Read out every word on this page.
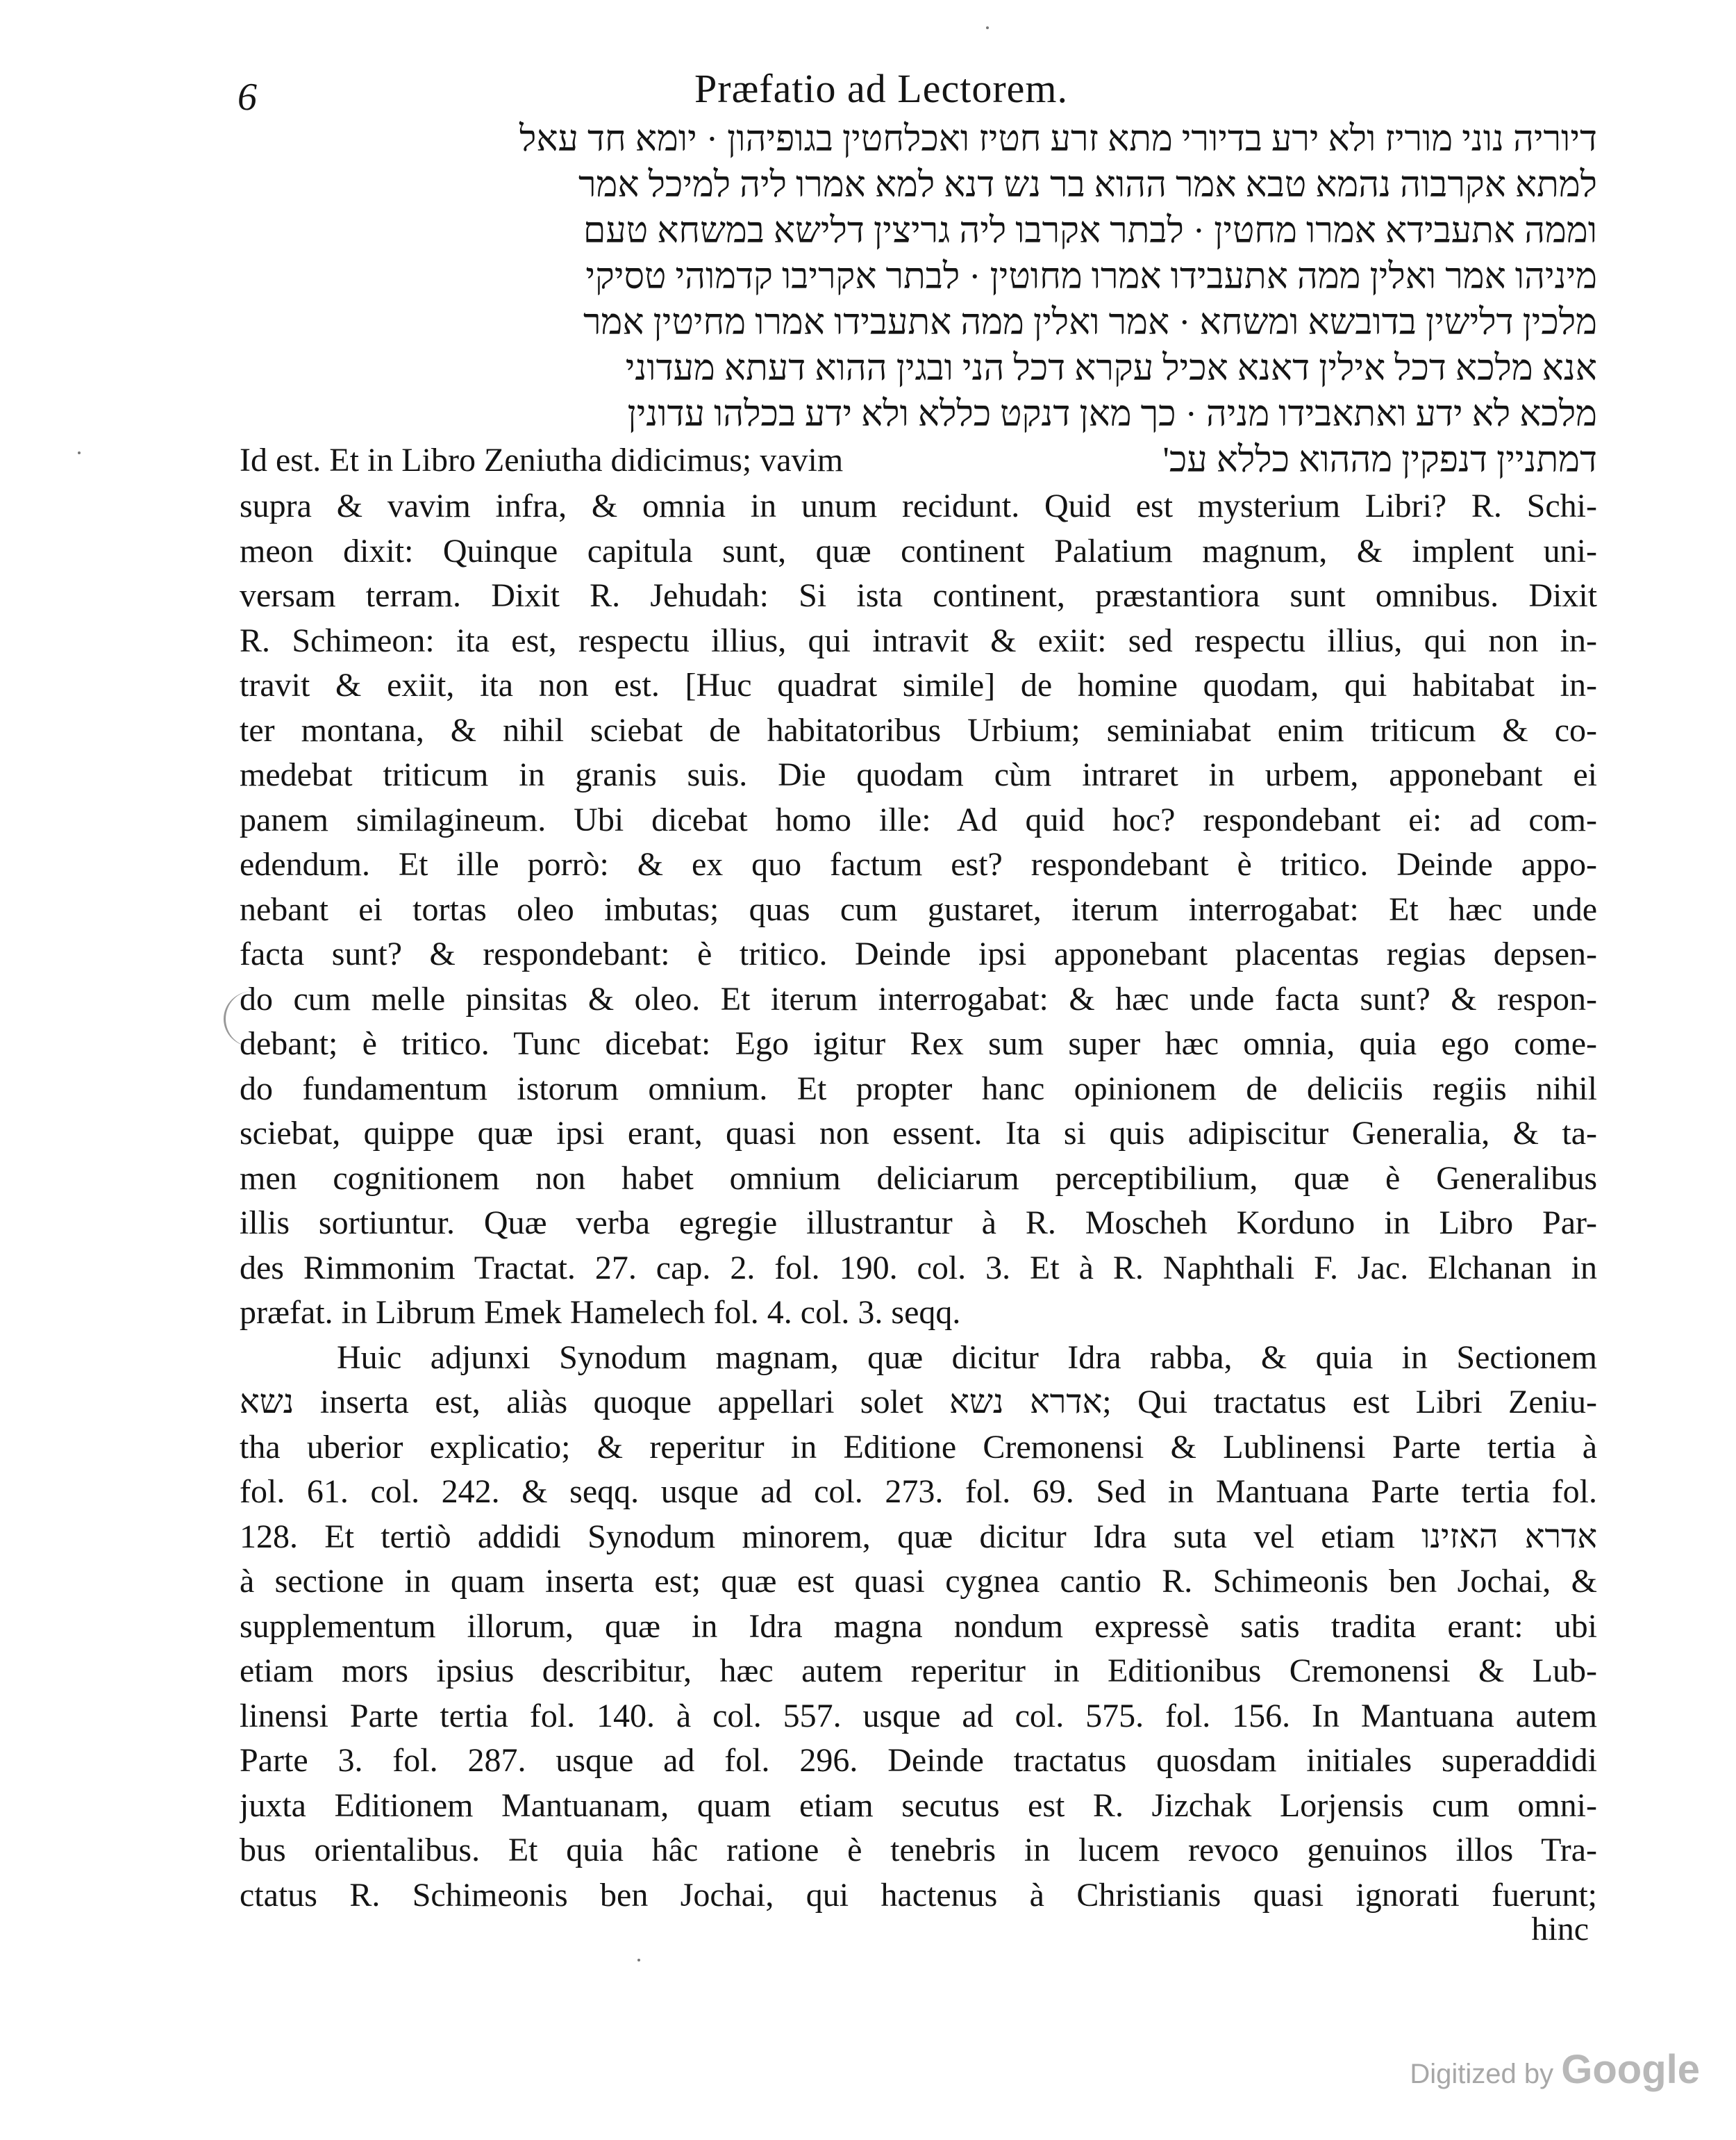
6	Præfatio ad Lectorem.
דיוריה נוני מוריז ולא ירע בדיורי מתא זרע חטיז ואכלחטין בגופיהון · יומא חד עאל
למתא אקרבוה נהמא טבא אמר ההוא בר נש דנא למא אמרו ליה למיכל אמר
וממה אתעבידא אמרו מחטין · לבתר אקרבו ליה גריצין דלישא במשחא טעם
מיניהו אמר ואלין ממה אתעבידו אמרו מחוטין · לבתר אקריבו קדמוהי טסיקי
מלכין דלישין בדובשא ומשחא · אמר ואלין ממה אתעבידו אמרו מחיטין אמר
אנא מלכא דכל אילין דאנא אכיל עקרא דכל הני ובגין ההוא דעתא מעדוני
מלכא לא ידע ואתאבידו מניה · כך מאן דנקט כללא ולא ידע בכלהו עדונין
Id est. Et in Libro Zeniutha didicimus; vavim	דמתניין דנפקין מההוא כללא עכ'
supra & vavim infra, & omnia in unum recidunt. Quid est mysterium Libri? R. Schi-
meon dixit: Quinque capitula sunt, quæ continent Palatium magnum, & implent uni-
versam terram. Dixit R. Jehudah: Si ista continent, præstantiora sunt omnibus. Dixit
R. Schimeon: ita est, respectu illius, qui intravit & exiit: sed respectu illius, qui non in-
travit & exiit, ita non est. [Huc quadrat simile] de homine quodam, qui habitabat in-
ter montana, & nihil sciebat de habitatoribus Urbium; seminiabat enim triticum & co-
medebat triticum in granis suis. Die quodam cùm intraret in urbem, apponebant ei
panem similagineum. Ubi dicebat homo ille: Ad quid hoc? respondebant ei: ad com-
edendum. Et ille porrò: & ex quo factum est? respondebant è tritico. Deinde appo-
nebant ei tortas oleo imbutas; quas cum gustaret, iterum interrogabat: Et hæc unde
facta sunt? & respondebant: è tritico. Deinde ipsi apponebant placentas regias depsen-
do cum melle pinsitas & oleo. Et iterum interrogabat: & hæc unde facta sunt? & respon-
debant; è tritico. Tunc dicebat: Ego igitur Rex sum super hæc omnia, quia ego come-
do fundamentum istorum omnium. Et propter hanc opinionem de deliciis regiis nihil
sciebat, quippe quæ ipsi erant, quasi non essent. Ita si quis adipiscitur Generalia, & ta-
men cognitionem non habet omnium deliciarum perceptibilium, quæ è Generalibus
illis sortiuntur. Quæ verba egregie illustrantur à R. Moscheh Korduno in Libro Par-
des Rimmonim Tractat. 27. cap. 2. fol. 190. col. 3. Et à R. Naphthali F. Jac. Elchanan in
præfat. in Librum Emek Hamelech fol. 4. col. 3. seqq.
Huic adjunxi Synodum magnam, quæ dicitur Idra rabba, & quia in Sectionem
נשא inserta est, aliàs quoque appellari solet אדרא נשא; Qui tractatus est Libri Zeniu-
tha uberior explicatio; & reperitur in Editione Cremonensi & Lublinensi Parte tertia à
fol. 61. col. 242. & seqq. usque ad col. 273. fol. 69. Sed in Mantuana Parte tertia fol.
128. Et tertiò addidi Synodum minorem, quæ dicitur Idra suta vel etiam אדרא האזינו
à sectione in quam inserta est; quæ est quasi cygnea cantio R. Schimeonis ben Jochai, &
supplementum illorum, quæ in Idra magna nondum expressè satis tradita erant: ubi
etiam mors ipsius describitur, hæc autem reperitur in Editionibus Cremonensi & Lub-
linensi Parte tertia fol. 140. à col. 557. usque ad col. 575. fol. 156. In Mantuana autem
Parte 3. fol. 287. usque ad fol. 296. Deinde tractatus quosdam initiales superaddidi
juxta Editionem Mantuanam, quam etiam secutus est R. Jizchak Lorjensis cum omni-
bus orientalibus. Et quia hâc ratione è tenebris in lucem revoco genuinos illos Tra-
ctatus R. Schimeonis ben Jochai, qui hactenus à Christianis quasi ignorati fuerunt;
hinc
Digitized by Google
